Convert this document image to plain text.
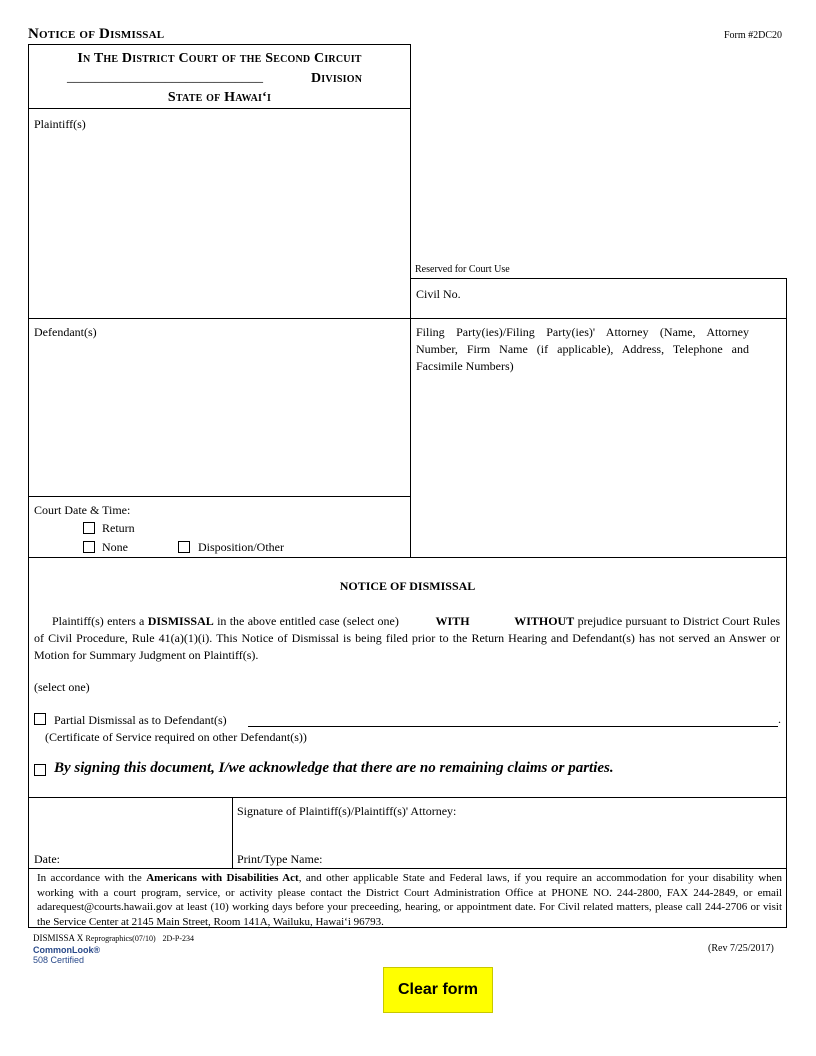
Notice of Dismissal	Form #2DC20
In The District Court of the Second Circuit
____________________________	Division
State of Hawai‘i
Plaintiff(s)
Reserved for Court Use
Civil No.
Defendant(s)	Filing Party(ies)/Filing Party(ies)' Attorney (Name, Attorney Number, Firm Name (if applicable), Address, Telephone and Facsimile Numbers)
Court Date & Time:
Return
None	Disposition/Other
NOTICE OF DISMISSAL
Plaintiff(s) enters a DISMISSAL in the above entitled case (select one)	WITH	WITHOUT prejudice pursuant to District Court Rules of Civil Procedure, Rule 41(a)(1)(i). This Notice of Dismissal is being filed prior to the Return Hearing and Defendant(s) has not served an Answer or Motion for Summary Judgment on Plaintiff(s).
(select one)
Partial Dismissal as to Defendant(s)	.
(Certificate of Service required on other Defendant(s))
By signing this document, I/we acknowledge that there are no remaining claims or parties.
Date:
Signature of Plaintiff(s)/Plaintiff(s)' Attorney:
Print/Type Name:
In accordance with the Americans with Disabilities Act, and other applicable State and Federal laws, if you require an accommodation for your disability when working with a court program, service, or activity please contact the District Court Administration Office at PHONE NO. 244-2800, FAX 244-2849, or email adarequest@courts.hawaii.gov at least (10) working days before your preceeding, hearing, or appointment date. For Civil related matters, please call 244-2706 or visit the Service Center at 2145 Main Street, Room 141A, Wailuku, Hawai‘i 96793.
DISMISSA X Reprographics(07/10) 2D-P-234
CommonLook®
508 Certified
(Rev 7/25/2017)
Clear form
